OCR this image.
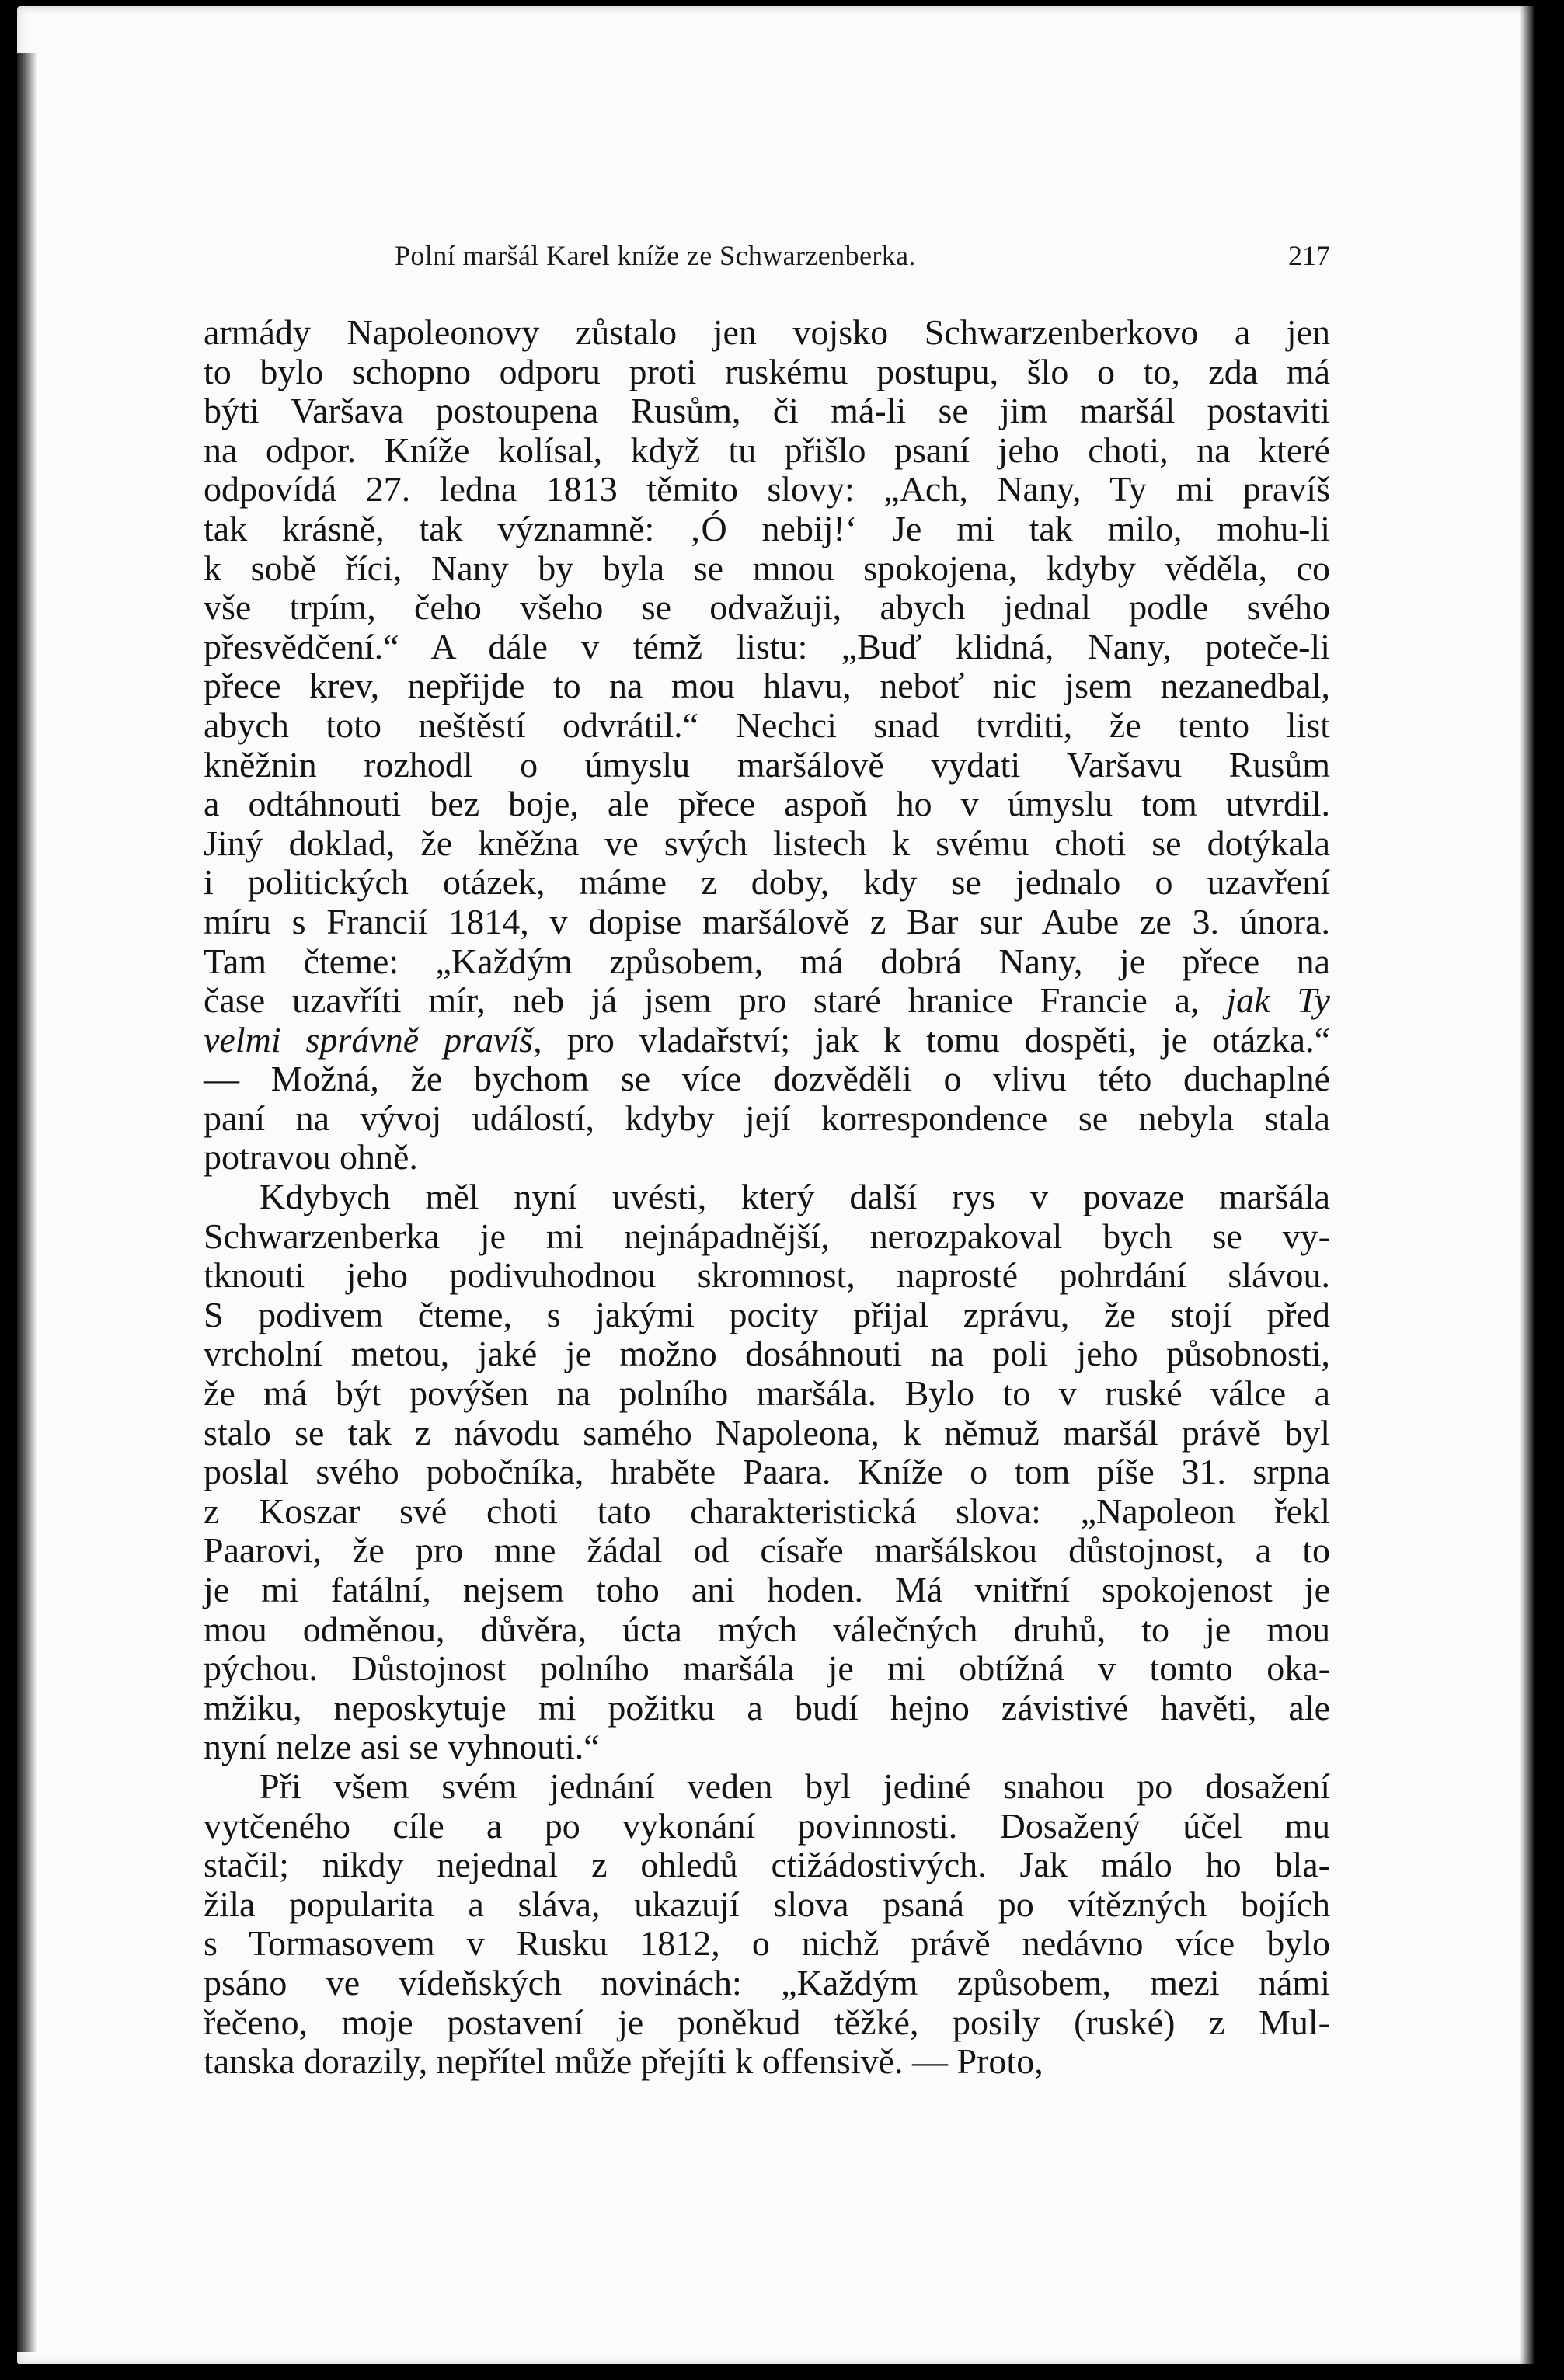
Polní maršál Karel kníže ze Schwarzenberka.	217
armády Napoleonovy zůstalo jen vojsko Schwarzenberkovo a jen
to bylo schopno odporu proti ruskému postupu, šlo o to, zda má
býti Varšava postoupena Rusům, či má-li se jim maršál postaviti
na odpor. Kníže kolísal, když tu přišlo psaní jeho choti, na které
odpovídá 27. ledna 1813 těmito slovy: „Ach, Nany, Ty mi pravíš
tak krásně, tak významně: ‚Ó nebij!‘ Je mi tak milo, mohu-li
k sobě říci, Nany by byla se mnou spokojena, kdyby věděla, co
vše trpím, čeho všeho se odvažuji, abych jednal podle svého
přesvědčení.“ A dále v témž listu: „Buď klidná, Nany, poteče-li
přece krev, nepřijde to na mou hlavu, neboť nic jsem nezanedbal,
abych toto neštěstí odvrátil.“ Nechci snad tvrditi, že tento list
kněžnin rozhodl o úmyslu maršálově vydati Varšavu Rusům
a odtáhnouti bez boje, ale přece aspoň ho v úmyslu tom utvrdil.
Jiný doklad, že kněžna ve svých listech k svému choti se dotýkala
i politických otázek, máme z doby, kdy se jednalo o uzavření
míru s Francií 1814, v dopise maršálově z Bar sur Aube ze 3. února.
Tam čteme: „Každým způsobem, má dobrá Nany, je přece na
čase uzavříti mír, neb já jsem pro staré hranice Francie a, jak Ty
velmi správně pravíš, pro vladařství; jak k tomu dospěti, je otázka.“
— Možná, že bychom se více dozvěděli o vlivu této duchaplné
paní na vývoj událostí, kdyby její korrespondence se nebyla stala
potravou ohně.
Kdybych měl nyní uvésti, který další rys v povaze maršála
Schwarzenberka je mi nejnápadnější, nerozpakoval bych se vy-
tknouti jeho podivuhodnou skromnost, naprosté pohrdání slávou.
S podivem čteme, s jakými pocity přijal zprávu, že stojí před
vrcholní metou, jaké je možno dosáhnouti na poli jeho působnosti,
že má být povýšen na polního maršála. Bylo to v ruské válce a
stalo se tak z návodu samého Napoleona, k němuž maršál právě byl
poslal svého pobočníka, hraběte Paara. Kníže o tom píše 31. srpna
z Koszar své choti tato charakteristická slova: „Napoleon řekl
Paarovi, že pro mne žádal od císaře maršálskou důstojnost, a to
je mi fatální, nejsem toho ani hoden. Má vnitřní spokojenost je
mou odměnou, důvěra, úcta mých válečných druhů, to je mou
pýchou. Důstojnost polního maršála je mi obtížná v tomto oka-
mžiku, neposkytuje mi požitku a budí hejno závistivé havěti, ale
nyní nelze asi se vyhnouti.“
Při všem svém jednání veden byl jediné snahou po dosažení
vytčeného cíle a po vykonání povinnosti. Dosažený účel mu
stačil; nikdy nejednal z ohledů ctižádostivých. Jak málo ho bla-
žila popularita a sláva, ukazují slova psaná po vítězných bojích
s Tormasovem v Rusku 1812, o nichž právě nedávno více bylo
psáno ve vídeňských novinách: „Každým způsobem, mezi námi
řečeno, moje postavení je poněkud těžké, posily (ruské) z Mul-
tanska dorazily, nepřítel může přejíti k offensivě. — Proto,
